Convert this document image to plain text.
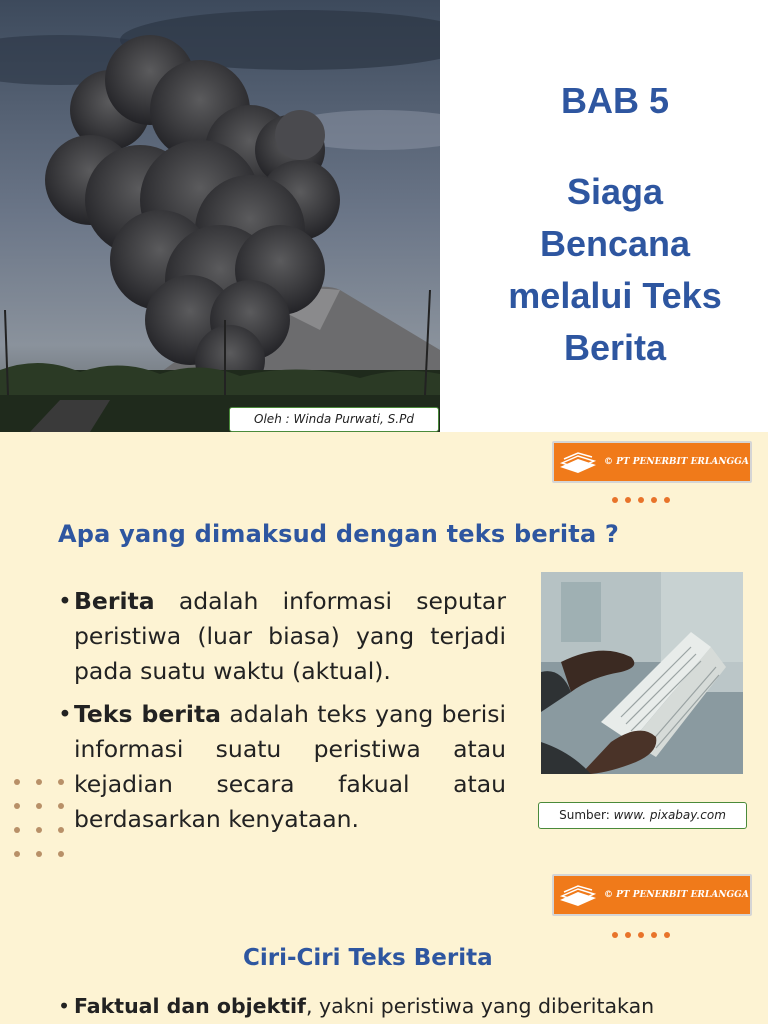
Oleh : Winda Purwati, S.Pd
BAB 5
Siaga
Bencana
melalui Teks
Berita
© PT PENERBIT ERLANGGA
Apa yang dimaksud dengan teks berita ?
• Berita adalah informasi seputar peristiwa (luar biasa) yang terjadi pada suatu waktu (aktual).
• Teks berita adalah teks yang berisi informasi suatu peristiwa atau kejadian secara fakual atau berdasarkan kenyataan.	Sumber: www. pixabay.com
© PT PENERBIT ERLANGGA
Ciri-Ciri Teks Berita
• Faktual dan objektif, yakni peristiwa yang diberitakan
